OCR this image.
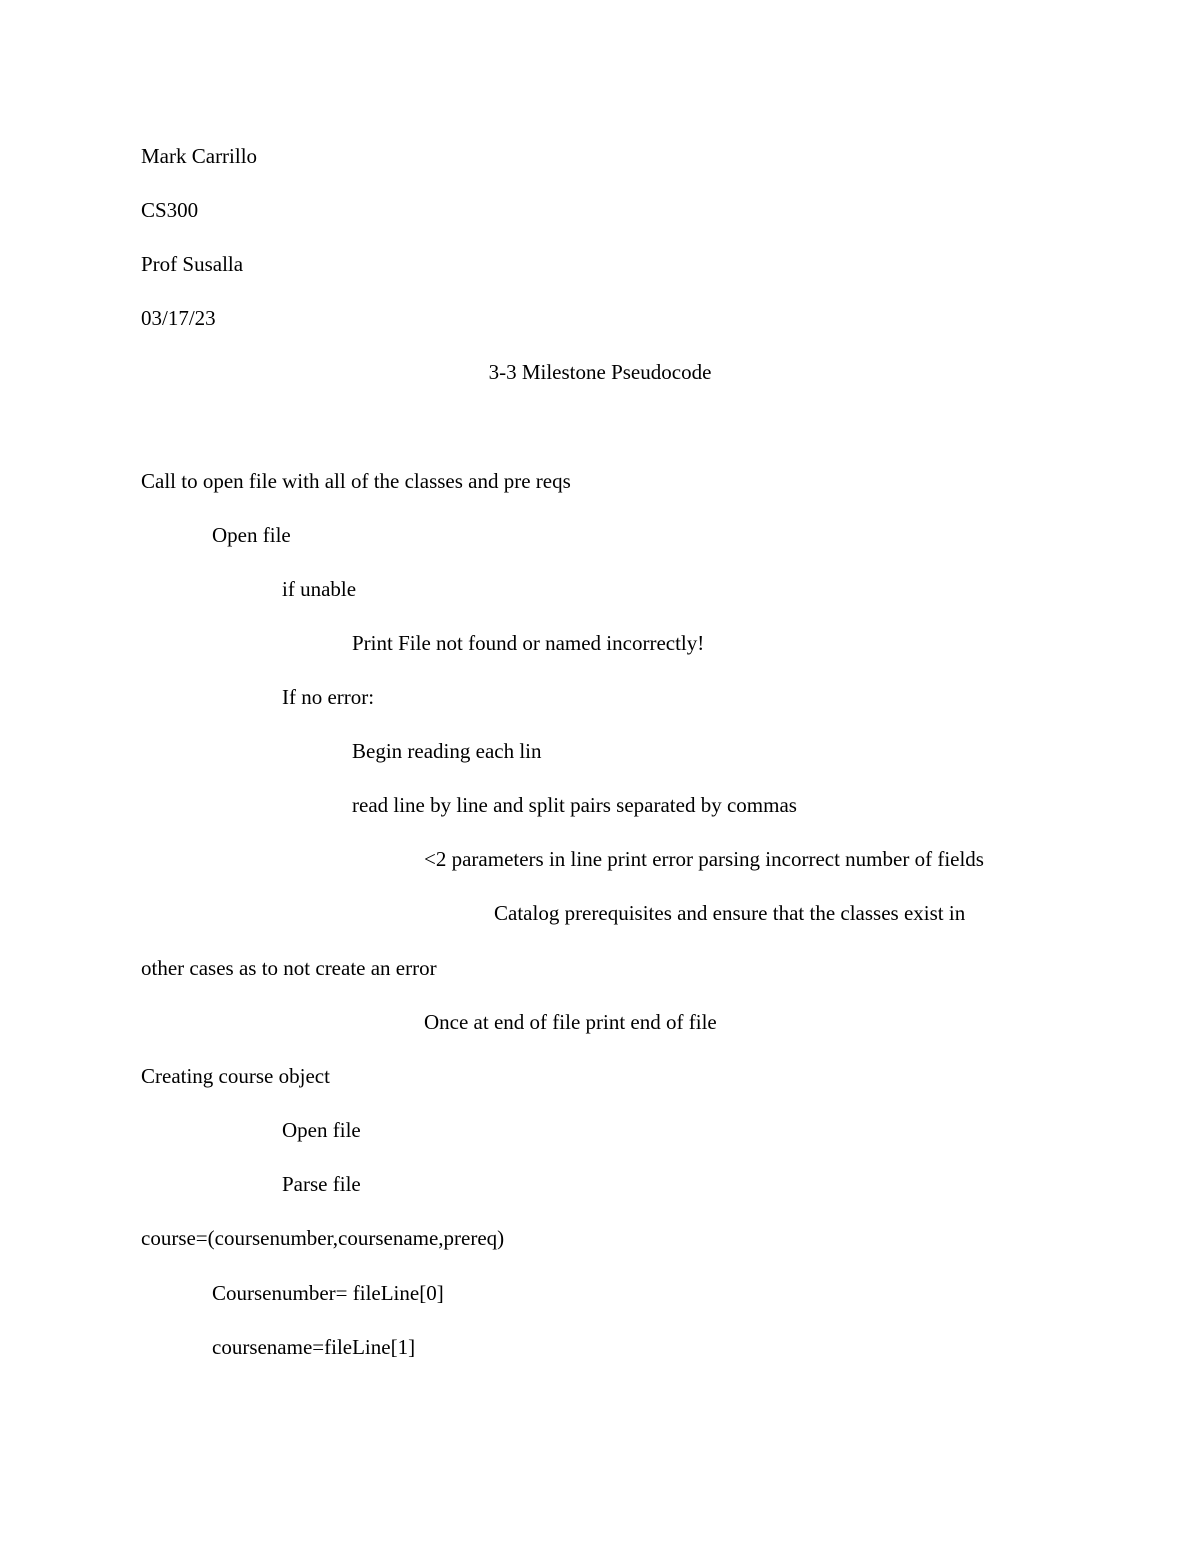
Mark Carrillo
CS300
Prof Susalla
03/17/23
3-3 Milestone Pseudocode
Call to open file with all of the classes and pre reqs
Open file
if unable
Print File not found or named incorrectly!
If no error:
Begin reading each lin
read line by line and split pairs separated by commas
<2 parameters in line print error parsing incorrect number of fields
Catalog prerequisites and ensure that the classes exist in
other cases as to not create an error
Once at end of file print end of file
Creating course object
Open file
Parse file
course=(coursenumber,coursename,prereq)
Coursenumber= fileLine[0]
coursename=fileLine[1]
